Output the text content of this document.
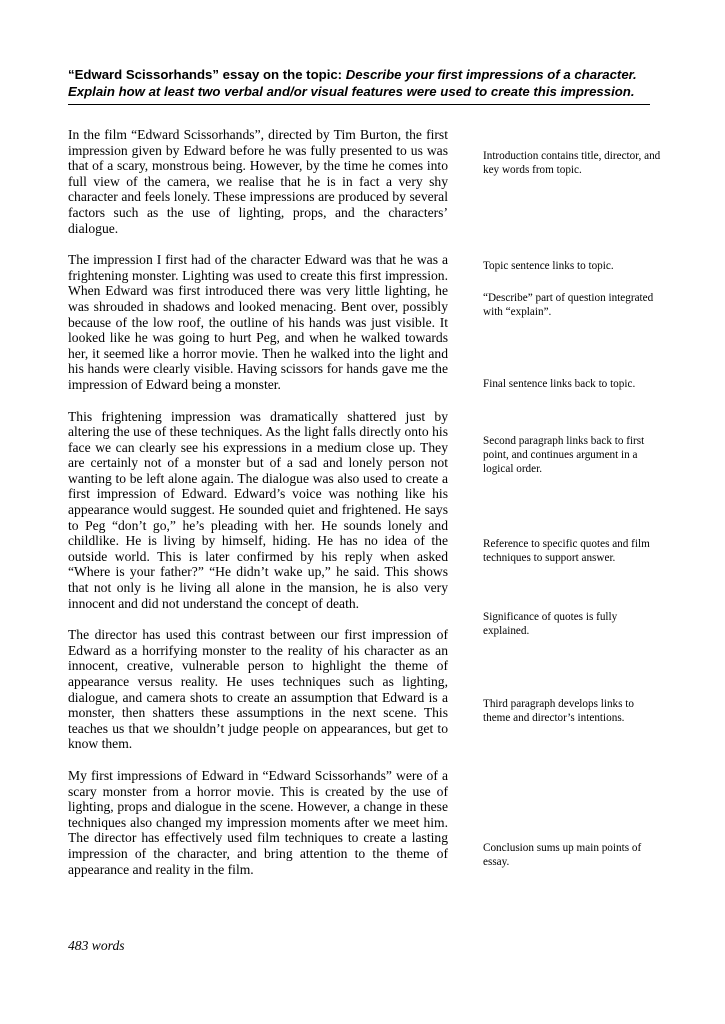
“Edward Scissorhands” essay on the topic: Describe your first impressions of a character. Explain how at least two verbal and/or visual features were used to create this impression.

In the film “Edward Scissorhands”, directed by Tim Burton, the first impression given by Edward before he was fully presented to us was that of a scary, monstrous being. However, by the time he comes into full view of the camera, we realise that he is in fact a very shy character and feels lonely. These impressions are produced by several factors such as the use of lighting, props, and the characters’ dialogue.

The impression I first had of the character Edward was that he was a frightening monster. Lighting was used to create this first impression. When Edward was first introduced there was very little lighting, he was shrouded in shadows and looked menacing. Bent over, possibly because of the low roof, the outline of his hands was just visible. It looked like he was going to hurt Peg, and when he walked towards her, it seemed like a horror movie. Then he walked into the light and his hands were clearly visible. Having scissors for hands gave me the impression of Edward being a monster.

This frightening impression was dramatically shattered just by altering the use of these techniques. As the light falls directly onto his face we can clearly see his expressions in a medium close up. They are certainly not of a monster but of a sad and lonely person not wanting to be left alone again. The dialogue was also used to create a first impression of Edward. Edward’s voice was nothing like his appearance would suggest. He sounded quiet and frightened. He says to Peg “don’t go,” he’s pleading with her. He sounds lonely and childlike. He is living by himself, hiding. He has no idea of the outside world. This is later confirmed by his reply when asked “Where is your father?” “He didn’t wake up,” he said. This shows that not only is he living all alone in the mansion, he is also very innocent and did not understand the concept of death.

The director has used this contrast between our first impression of Edward as a horrifying monster to the reality of his character as an innocent, creative, vulnerable person to highlight the theme of appearance versus reality. He uses techniques such as lighting, dialogue, and camera shots to create an assumption that Edward is a monster, then shatters these assumptions in the next scene. This teaches us that we shouldn’t judge people on appearances, but get to know them.

My first impressions of Edward in “Edward Scissorhands” were of a scary monster from a horror movie. This is created by the use of lighting, props and dialogue in the scene. However, a change in these techniques also changed my impression moments after we meet him. The director has effectively used film techniques to create a lasting impression of the character, and bring attention to the theme of appearance and reality in the film.

483 words
Introduction contains title, director, and key words from topic.
Topic sentence links to topic.
“Describe” part of question integrated with “explain”.
Final sentence links back to topic.
Second paragraph links back to first point, and continues argument in a logical order.
Reference to specific quotes and film techniques to support answer.
Significance of quotes is fully explained.
Third paragraph develops links to theme and director’s intentions.
Conclusion sums up main points of essay.
